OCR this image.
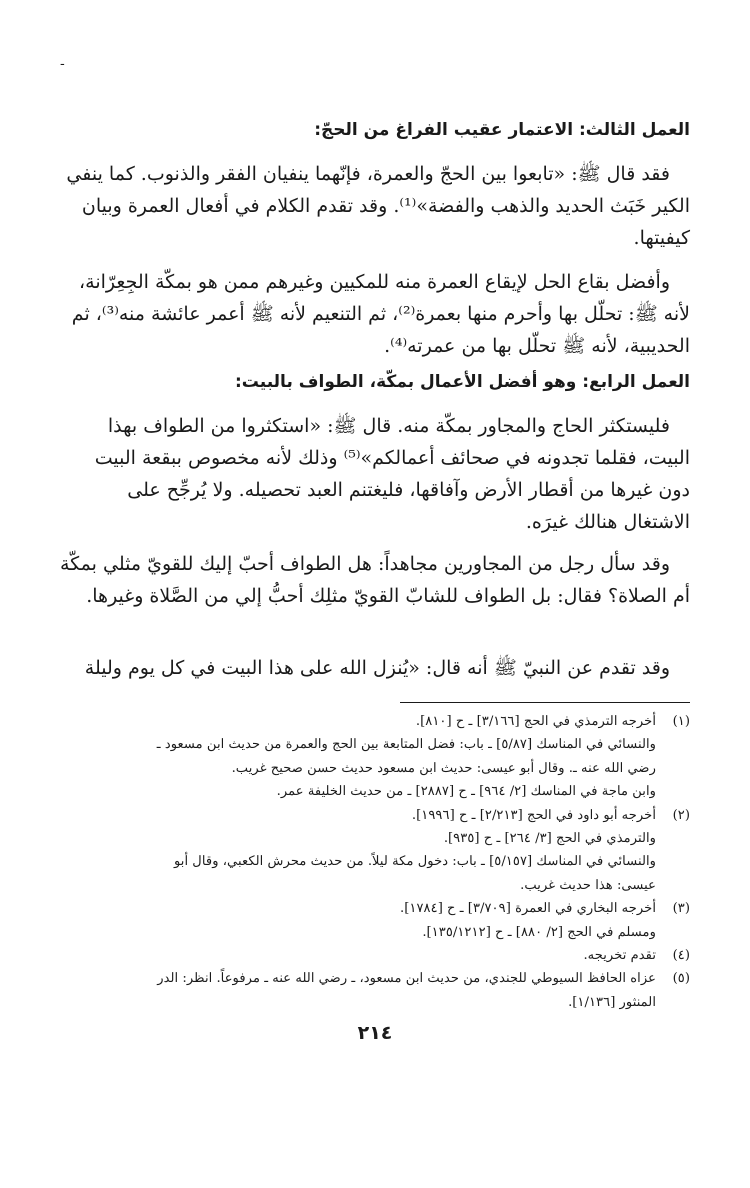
-
العمل الثالث: الاعتمار عقيب الفراغ من الحجّ:

فقد قال ﷺ: «تابعوا بين الحجّ والعمرة، فإنّهما ينفيان الفقر والذنوب. كما ينفي الكير خَبَث الحديد والذهب والفضة»⁽¹⁾. وقد تقدم الكلام في أفعال العمرة وبيان كيفيتها.

وأفضل بقاع الحل لإيقاع العمرة منه للمكيين وغيرهم ممن هو بمكّة الجِعِرّانة، لأنه ﷺ: تحلّل بها وأحرم منها بعمرة⁽²⁾، ثم التنعيم لأنه ﷺ أعمر عائشة منه⁽³⁾، ثم الحديبية، لأنه ﷺ تحلّل بها من عمرته⁽⁴⁾.

العمل الرابع: وهو أفضل الأعمال بمكّة، الطواف بالبيت:

فليستكثر الحاج والمجاور بمكّة منه. قال ﷺ: «استكثروا من الطواف بهذا البيت، فقلما تجدونه في صحائف أعمالكم»⁽⁵⁾ وذلك لأنه مخصوص ببقعة البيت دون غيرها من أقطار الأرض وآفاقها، فليغتنم العبد تحصيله. ولا يُرجِّح على الاشتغال هنالك غيرَه.

وقد سأل رجل من المجاورين مجاهداً: هل الطواف أحبّ إليك للقويّ مثلي بمكّة أم الصلاة؟ فقال: بل الطواف للشابّ القويّ مثلِك أحبُّ إلي من الصَّلاة وغيرها.

وقد تقدم عن النبيّ ﷺ أنه قال: «يُنزل الله على هذا البيت في كل يوم وليلة

(١)
أخرجه الترمذي في الحج [٣/١٦٦] ـ ح [٨١٠].
والنسائي في المناسك [٥/٨٧] ـ باب: فضل المتابعة بين الحج والعمرة من حديث ابن مسعود ـ
رضي الله عنه ـ. وقال أبو عيسى: حديث ابن مسعود حديث حسن صحيح غريب.
وابن ماجة في المناسك [٢/ ٩٦٤] ـ ح [٢٨٨٧] ـ من حديث الخليفة عمر.
(٢)
أخرجه أبو داود في الحج [٢/٢١٣] ـ ح [١٩٩٦].
والترمذي في الحج [٣/ ٢٦٤] ـ ح [٩٣٥].
والنسائي في المناسك [٥/١٥٧] ـ باب: دخول مكة ليلاً. من حديث محرش الكعبي، وقال أبو
عيسى: هذا حديث غريب.
(٣)
أخرجه البخاري في العمرة [٣/٧٠٩] ـ ح [١٧٨٤].
ومسلم في الحج [٢/ ٨٨٠] ـ ح [١٣٥/١٢١٢].
(٤)
تقدم تخريجه.
(٥)
عزاه الحافظ السيوطي للجندي، من حديث ابن مسعود، ـ رضي الله عنه ـ مرفوعاً. انظر: الدر
المنثور [١/١٣٦].
٢١٤
